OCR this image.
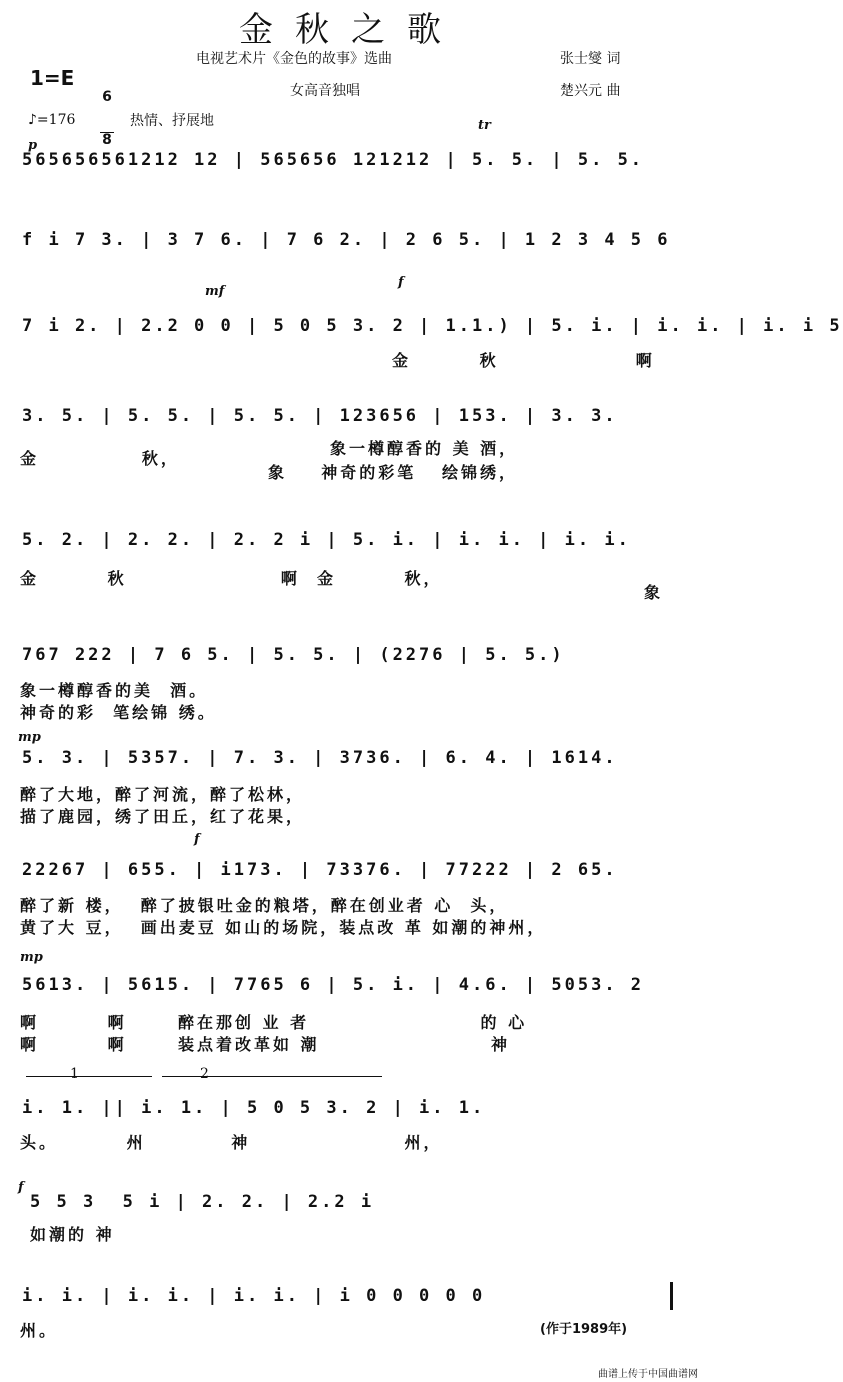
金秋之歌
电视艺术片《金色的故事》选曲
女高音独唱
张士燮 词
楚兴元 曲
1=E

$\frac{6}{8}$

♪=176	热情、抒展地
p
tr
565656561212 12 | 565656 121212 | 5. 5. | 5. 5.
f i 7 3. | 3 7 6. | 7 6 2. | 2 6 5. | 1 2 3 4 5 6
mf
f
7 i 2. | 2.2 0 0 | 5 0 5 3. 2 | 1.1.) | 5. i. | i. i. | i. i 5
金        秋                啊
3. 5. | 5. 5. | 5. 5. | 123656 | 153. | 3. 3.
金            秋，
象一樽醇香的 美 酒，
象    神奇的彩笔   绘锦绣，
5. 2. | 2. 2. | 2. 2 i | 5. i. | i. i. | i. i.
金        秋                  啊  金        秋，
象
767 222 | 7 6 5. | 5. 5. | (2276 | 5. 5.)
象一樽醇香的美  酒。
神奇的彩  笔绘锦 绣。
mp
5. 3. | 5357. | 7. 3. | 3736. | 6. 4. | 1614.
醉了大地，醉了河流，醉了松林，
描了鹿园，绣了田丘，红了花果，
f
22267 | 655. | i173. | 73376. | 77222 | 2 65.
醉了新 楼，  醉了披银吐金的粮塔，醉在创业者 心  头，
黄了大 豆，  画出麦豆 如山的场院，装点改 革 如潮的神州，
mp
5613. | 5615. | 7765 6 | 5. i. | 4.6. | 5053. 2
啊        啊      醉在那创 业 者                    的 心
啊        啊      装点着改革如 潮                    神
1	2
i. 1. || i. 1. | 5 0 5 3. 2 | i. 1.
头。        州          神                  州，
f
5 5 3  5 i | 2. 2. | 2.2 i
如潮的 神
i. i. | i. i. | i. i. | i 0 0 0 0 0
州。	(作于1989年)
曲谱上传于中国曲谱网
